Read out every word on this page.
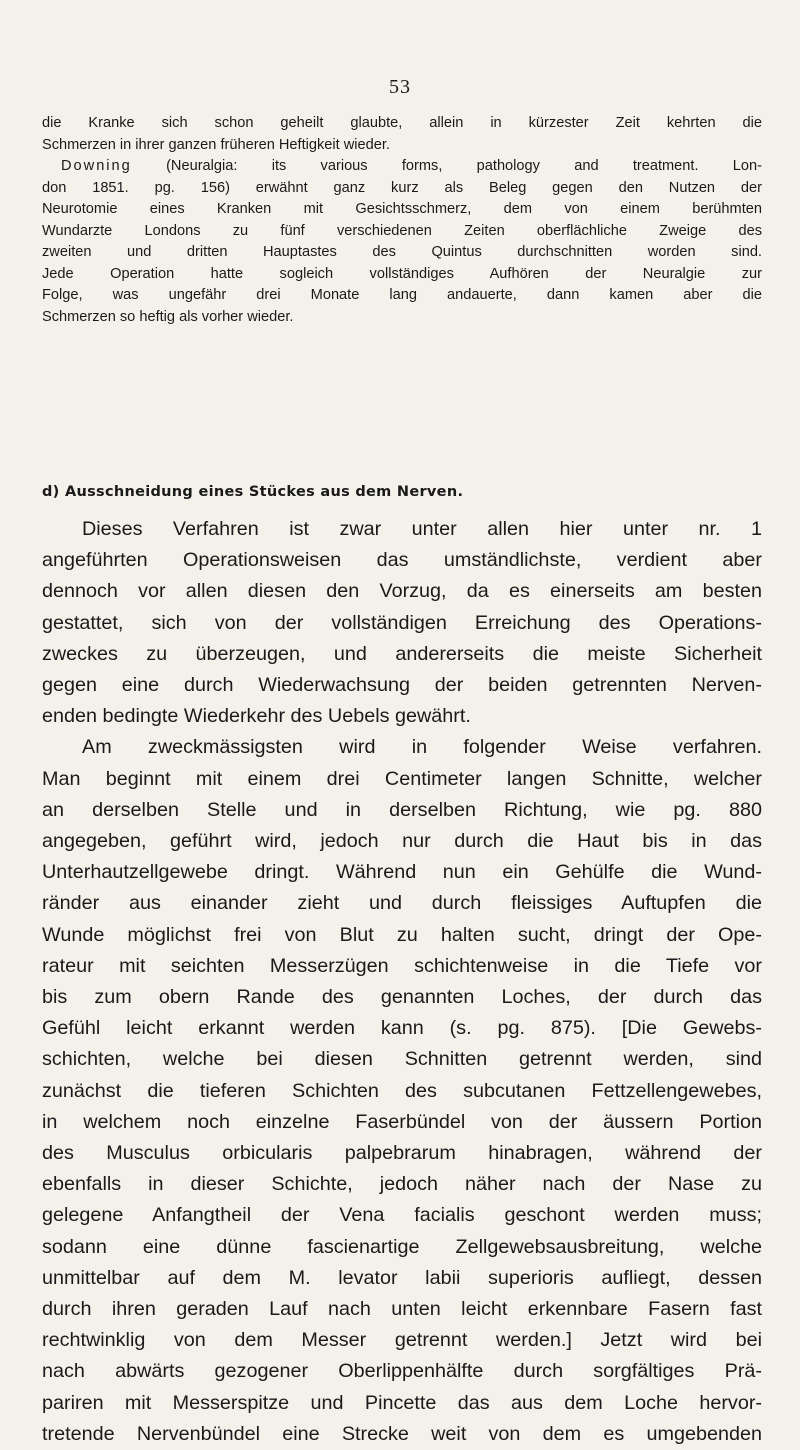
53
die Kranke sich schon geheilt glaubte, allein in kürzester Zeit kehrten die
Schmerzen in ihrer ganzen früheren Heftigkeit wieder.
Downing (Neuralgia: its various forms, pathology and treatment. Lon-
don 1851. pg. 156) erwähnt ganz kurz als Beleg gegen den Nutzen der
Neurotomie eines Kranken mit Gesichtsschmerz, dem von einem berühmten
Wundarzte Londons zu fünf verschiedenen Zeiten oberflächliche Zweige des
zweiten und dritten Hauptastes des Quintus durchschnitten worden sind.
Jede Operation hatte sogleich vollständiges Aufhören der Neuralgie zur
Folge, was ungefähr drei Monate lang andauerte, dann kamen aber die
Schmerzen so heftig als vorher wieder.
d) Ausschneidung eines Stückes aus dem Nerven.
Dieses Verfahren ist zwar unter allen hier unter nr. 1
angeführten Operationsweisen das umständlichste, verdient aber
dennoch vor allen diesen den Vorzug, da es einerseits am besten
gestattet, sich von der vollständigen Erreichung des Operations-
zweckes zu überzeugen, und andererseits die meiste Sicherheit
gegen eine durch Wiederwachsung der beiden getrennten Nerven-
enden bedingte Wiederkehr des Uebels gewährt.
Am zweckmässigsten wird in folgender Weise verfahren.
Man beginnt mit einem drei Centimeter langen Schnitte, welcher
an derselben Stelle und in derselben Richtung, wie pg. 880
angegeben, geführt wird, jedoch nur durch die Haut bis in das
Unterhautzellgewebe dringt. Während nun ein Gehülfe die Wund-
ränder aus einander zieht und durch fleissiges Auftupfen die
Wunde möglichst frei von Blut zu halten sucht, dringt der Ope-
rateur mit seichten Messerzügen schichtenweise in die Tiefe vor
bis zum obern Rande des genannten Loches, der durch das
Gefühl leicht erkannt werden kann (s. pg. 875). [Die Gewebs-
schichten, welche bei diesen Schnitten getrennt werden, sind
zunächst die tieferen Schichten des subcutanen Fettzellengewebes,
in welchem noch einzelne Faserbündel von der äussern Portion
des Musculus orbicularis palpebrarum hinabragen, während der
ebenfalls in dieser Schichte, jedoch näher nach der Nase zu
gelegene Anfangtheil der Vena facialis geschont werden muss;
sodann eine dünne fascienartige Zellgewebsausbreitung, welche
unmittelbar auf dem M. levator labii superioris aufliegt, dessen
durch ihren geraden Lauf nach unten leicht erkennbare Fasern fast
rechtwinklig von dem Messer getrennt werden.] Jetzt wird bei
nach abwärts gezogener Oberlippenhälfte durch sorgfältiges Prä-
pariren mit Messerspitze und Pincette das aus dem Loche hervor-
tretende Nervenbündel eine Strecke weit von dem es umgebenden
